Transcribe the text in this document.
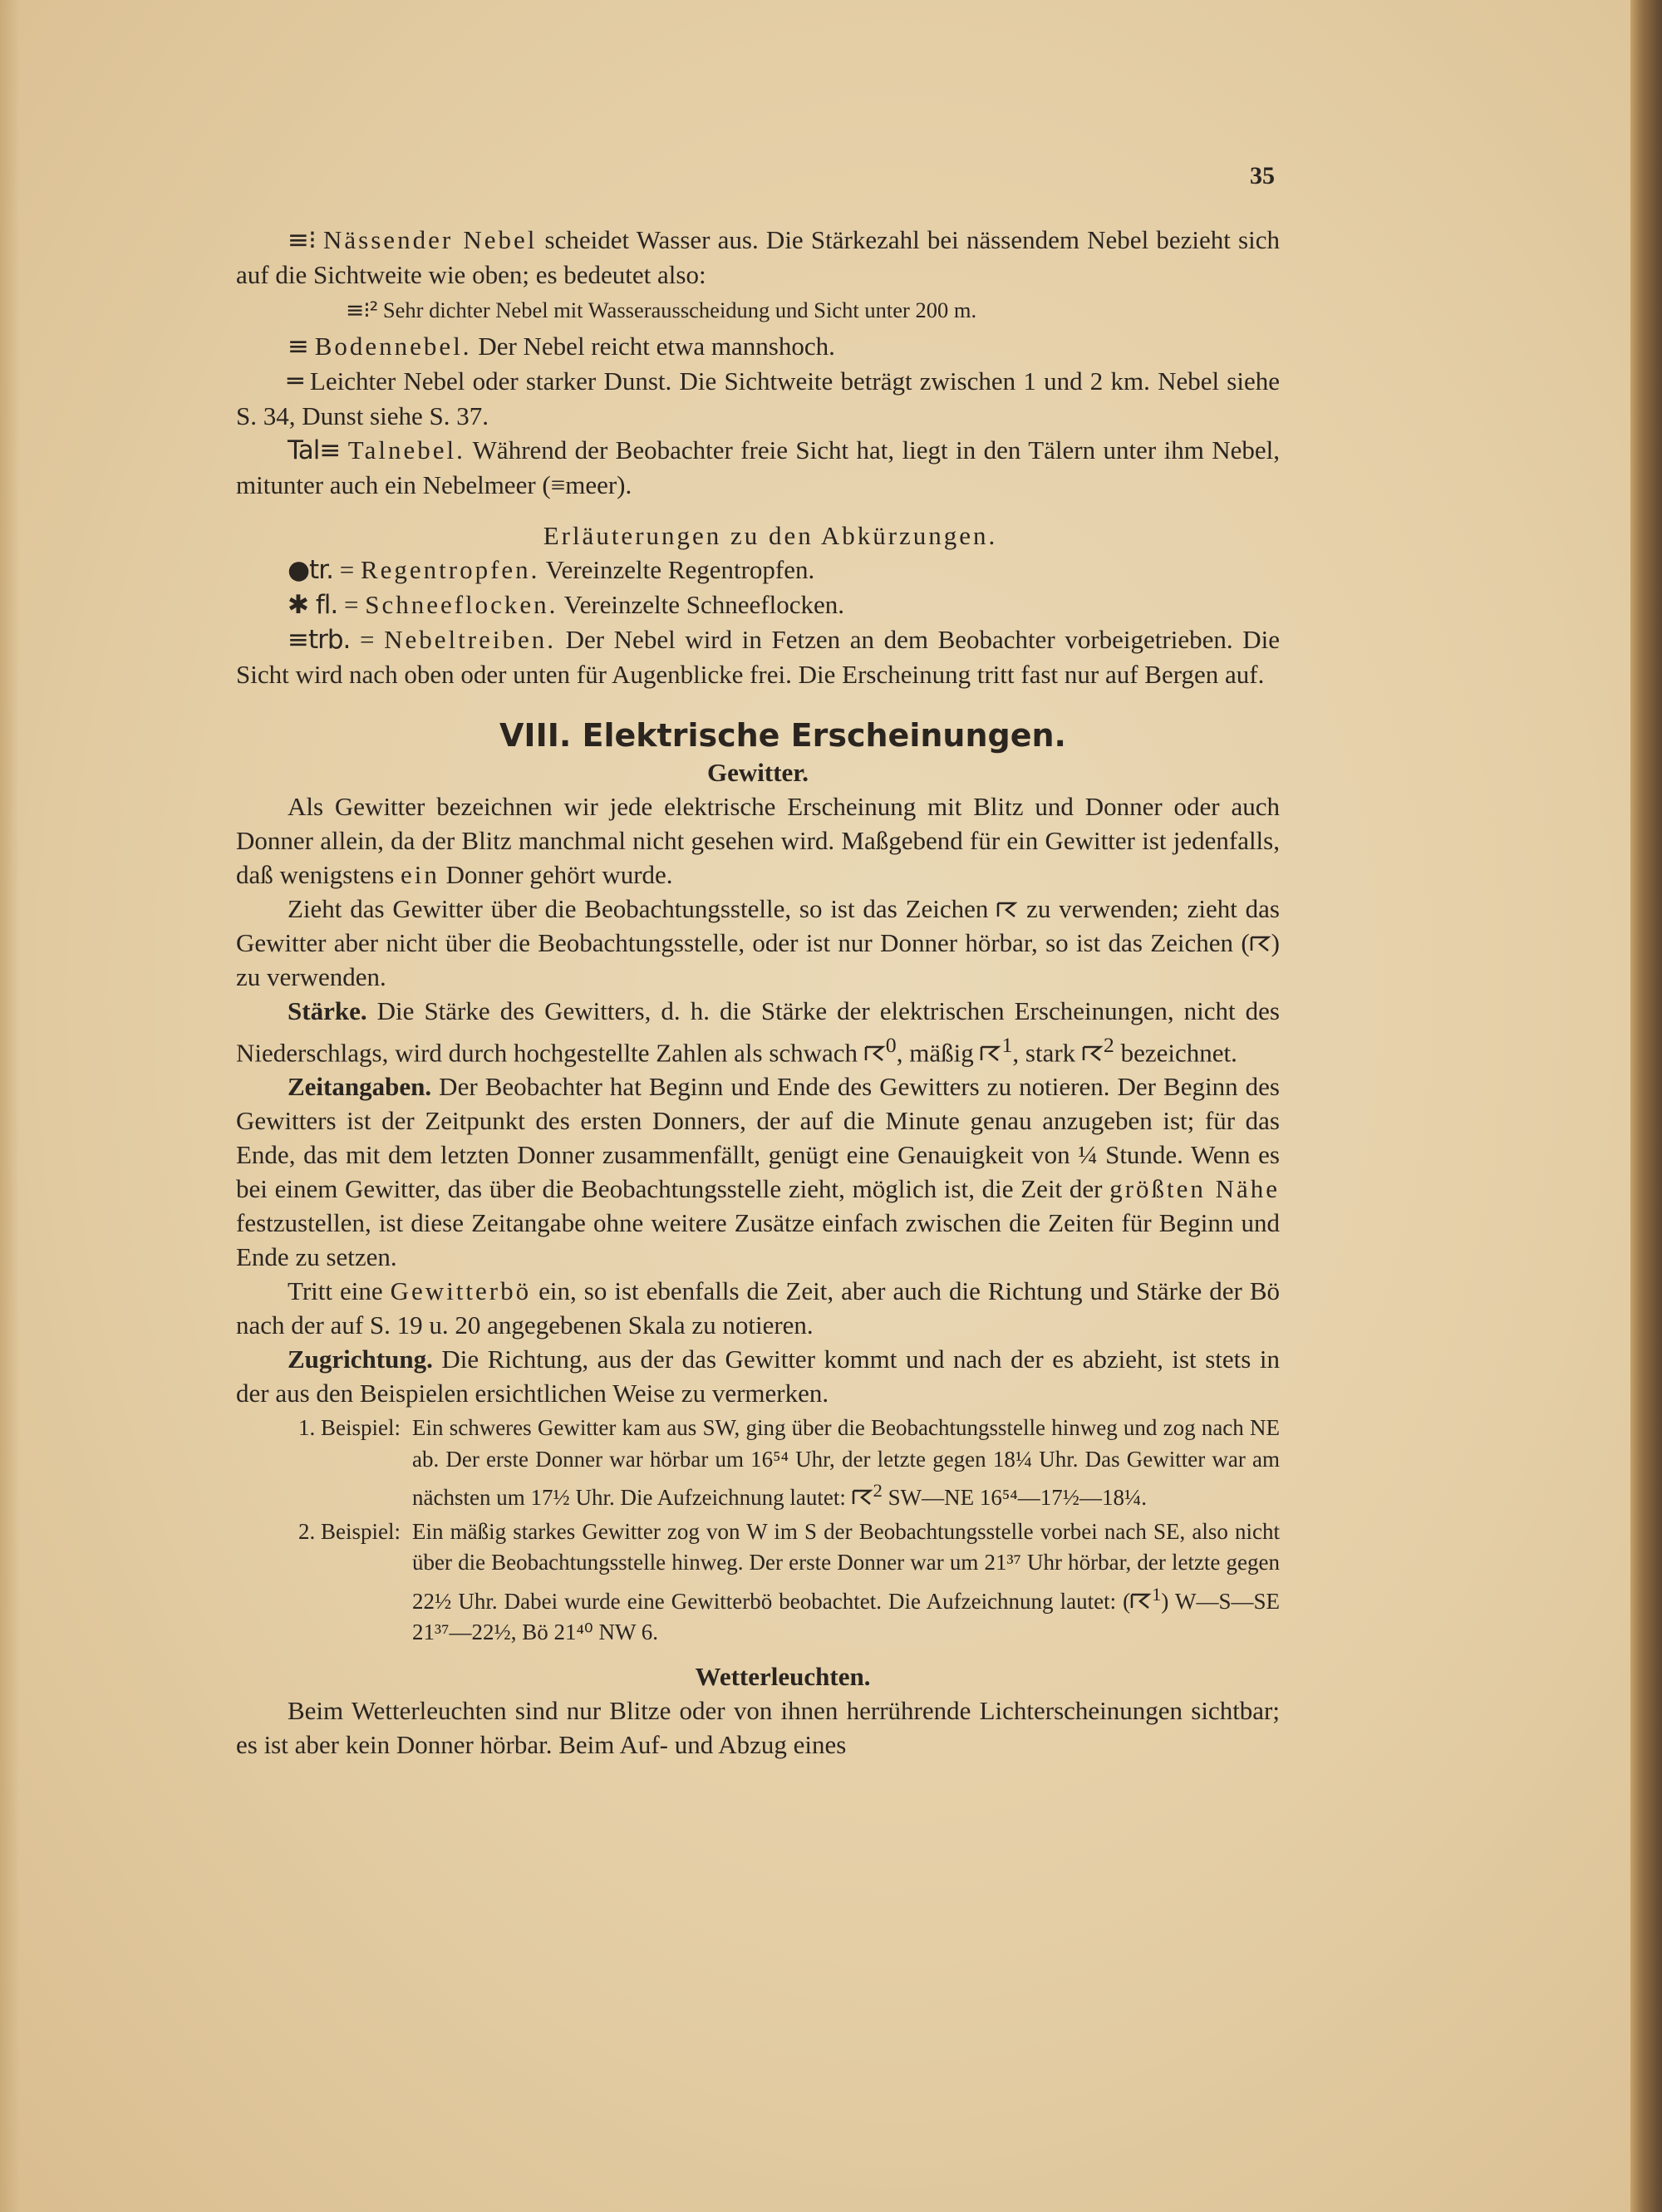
35

≡⁝ Nässender Nebel scheidet Wasser aus. Die Stärkezahl bei nässendem Nebel bezieht sich auf die Sichtweite wie oben; es bedeutet also:

≡⁝² Sehr dichter Nebel mit Wasserausscheidung und Sicht unter 200 m.

≡ Bodennebel. Der Nebel reicht etwa mannshoch.

═ Leichter Nebel oder starker Dunst. Die Sichtweite beträgt zwischen 1 und 2 km. Nebel siehe S. 34, Dunst siehe S. 37.

Tal≡ Talnebel. Während der Beobachter freie Sicht hat, liegt in den Tälern unter ihm Nebel, mitunter auch ein Nebelmeer (≡meer).

Erläuterungen zu den Abkürzungen.

●tr. = Regentropfen. Vereinzelte Regentropfen.

✱ fl. = Schneeflocken. Vereinzelte Schneeflocken.

≡trb. = Nebeltreiben. Der Nebel wird in Fetzen an dem Beobachter vorbeigetrieben. Die Sicht wird nach oben oder unten für Augenblicke frei. Die Erscheinung tritt fast nur auf Bergen auf.

VIII. Elektrische Erscheinungen.
Gewitter.

Als Gewitter bezeichnen wir jede elektrische Erscheinung mit Blitz und Donner oder auch Donner allein, da der Blitz manchmal nicht gesehen wird. Maßgebend für ein Gewitter ist jedenfalls, daß wenigstens ein Donner gehört wurde.

Zieht das Gewitter über die Beobachtungsstelle, so ist das Zeichen  zu verwenden; zieht das Gewitter aber nicht über die Beobachtungsstelle, oder ist nur Donner hörbar, so ist das Zeichen ( ) zu verwenden.

Stärke. Die Stärke des Gewitters, d. h. die Stärke der elektrischen Erscheinungen, nicht des Niederschlags, wird durch hochgestellte Zahlen als schwach $^0$, mäßig $^1$, stark $^2$ bezeichnet.

Zeitangaben. Der Beobachter hat Beginn und Ende des Gewitters zu notieren. Der Beginn des Gewitters ist der Zeitpunkt des ersten Donners, der auf die Minute genau anzugeben ist; für das Ende, das mit dem letzten Donner zusammenfällt, genügt eine Genauigkeit von ¼ Stunde. Wenn es bei einem Gewitter, das über die Beobachtungsstelle zieht, möglich ist, die Zeit der größten Nähe festzustellen, ist diese Zeitangabe ohne weitere Zusätze einfach zwischen die Zeiten für Beginn und Ende zu setzen.

Tritt eine Gewitterbö ein, so ist ebenfalls die Zeit, aber auch die Richtung und Stärke der Bö nach der auf S. 19 u. 20 angegebenen Skala zu notieren.

Zugrichtung. Die Richtung, aus der das Gewitter kommt und nach der es abzieht, ist stets in der aus den Beispielen ersichtlichen Weise zu vermerken.

1. Beispiel: Ein schweres Gewitter kam aus SW, ging über die Beobachtungsstelle hinweg und zog nach NE ab. Der erste Donner war hörbar um 16⁵⁴ Uhr, der letzte gegen 18¼ Uhr. Das Gewitter war am nächsten um 17½ Uhr. Die Aufzeichnung lautet: $^2$ SW—NE 16⁵⁴—17½—18¼.
2. Beispiel: Ein mäßig starkes Gewitter zog von W im S der Beobachtungsstelle vorbei nach SE, also nicht über die Beobachtungsstelle hinweg. Der erste Donner war um 21³⁷ Uhr hörbar, der letzte gegen 22½ Uhr. Dabei wurde eine Gewitterbö beobachtet. Die Aufzeichnung lautet: ( $^1$) W—S—SE 21³⁷—22½, Bö 21⁴⁰ NW 6.
Wetterleuchten.

Beim Wetterleuchten sind nur Blitze oder von ihnen herrührende Lichterscheinungen sichtbar; es ist aber kein Donner hörbar. Beim Auf- und Abzug eines
